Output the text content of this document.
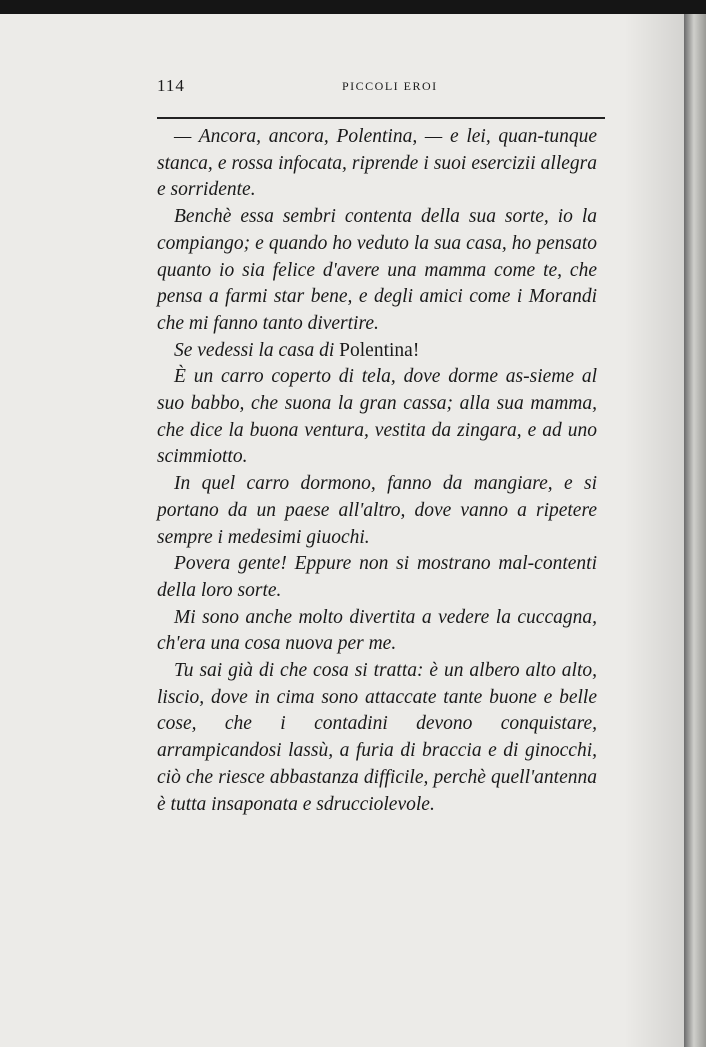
114	PICCOLI EROI

— Ancora, ancora, Polentina, — e lei, quan-tunque stanca, e rossa infocata, riprende i suoi esercizii allegra e sorridente.

Benchè essa sembri contenta della sua sorte, io la compiango; e quando ho veduto la sua casa, ho pensato quanto io sia felice d'avere una mamma come te, che pensa a farmi star bene, e degli amici come i Morandi che mi fanno tanto divertire.

Se vedessi la casa di Polentina!

È un carro coperto di tela, dove dorme as-sieme al suo babbo, che suona la gran cassa; alla sua mamma, che dice la buona ventura, vestita da zingara, e ad uno scimmiotto.

In quel carro dormono, fanno da mangiare, e si portano da un paese all'altro, dove vanno a ripetere sempre i medesimi giuochi.

Povera gente! Eppure non si mostrano mal-contenti della loro sorte.

Mi sono anche molto divertita a vedere la cuccagna, ch'era una cosa nuova per me.

Tu sai già di che cosa si tratta: è un albero alto alto, liscio, dove in cima sono attaccate tante buone e belle cose, che i contadini devono conquistare, arrampicandosi lassù, a furia di braccia e di ginocchi, ciò che riesce abbastanza difficile, perchè quell'antenna è tutta insaponata e sdrucciolevole.
